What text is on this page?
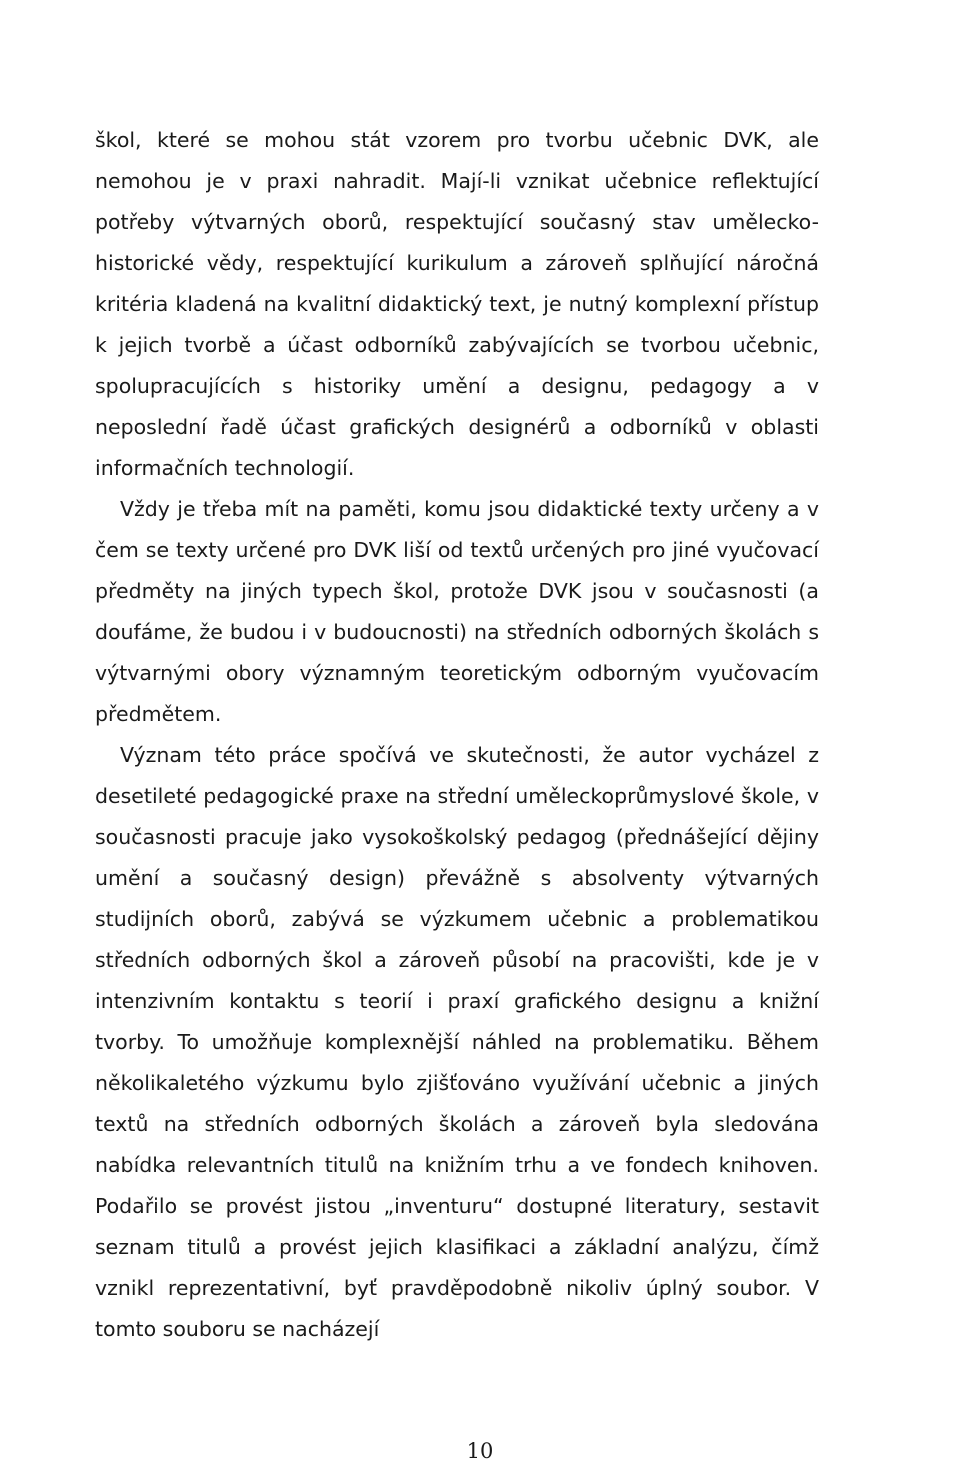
škol, které se mohou stát vzorem pro tvorbu učebnic DVK, ale nemohou je v praxi nahradit. Mají-li vznikat učebnice reflektující potřeby výtvarných oborů, respektující současný stav umělecko-historické vědy, respektující kurikulum a zároveň splňující náročná kritéria kladená na kvalitní didaktický text, je nutný komplexní přístup k jejich tvorbě a účast odborníků zabývajících se tvorbou učebnic, spolupracujících s historiky umění a designu, pedagogy a v neposlední řadě účast grafických designérů a odborníků v oblasti informačních technologií.

Vždy je třeba mít na paměti, komu jsou didaktické texty určeny a v čem se texty určené pro DVK liší od textů určených pro jiné vyučovací předměty na jiných typech škol, protože DVK jsou v současnosti (a doufáme, že budou i v budoucnosti) na středních odborných školách s výtvarnými obory významným teoretickým odborným vyučovacím předmětem.

Význam této práce spočívá ve skutečnosti, že autor vycházel z desetileté pedagogické praxe na střední uměleckoprůmyslové škole, v současnosti pracuje jako vysokoškolský pedagog (přednášející dějiny umění a současný design) převážně s absolventy výtvarných studijních oborů, zabývá se výzkumem učebnic a problematikou středních odborných škol a zároveň působí na pracovišti, kde je v intenzivním kontaktu s teorií i praxí grafického designu a knižní tvorby. To umožňuje komplexnější náhled na problematiku. Během několikaletého výzkumu bylo zjišťováno využívání učebnic a jiných textů na středních odborných školách a zároveň byla sledována nabídka relevantních titulů na knižním trhu a ve fondech knihoven. Podařilo se provést jistou „inventuru“ dostupné literatury, sestavit seznam titulů a provést jejich klasifikaci a základní analýzu, čímž vznikl reprezentativní, byť pravděpodobně nikoliv úplný soubor. V tomto souboru se nacházejí

10
